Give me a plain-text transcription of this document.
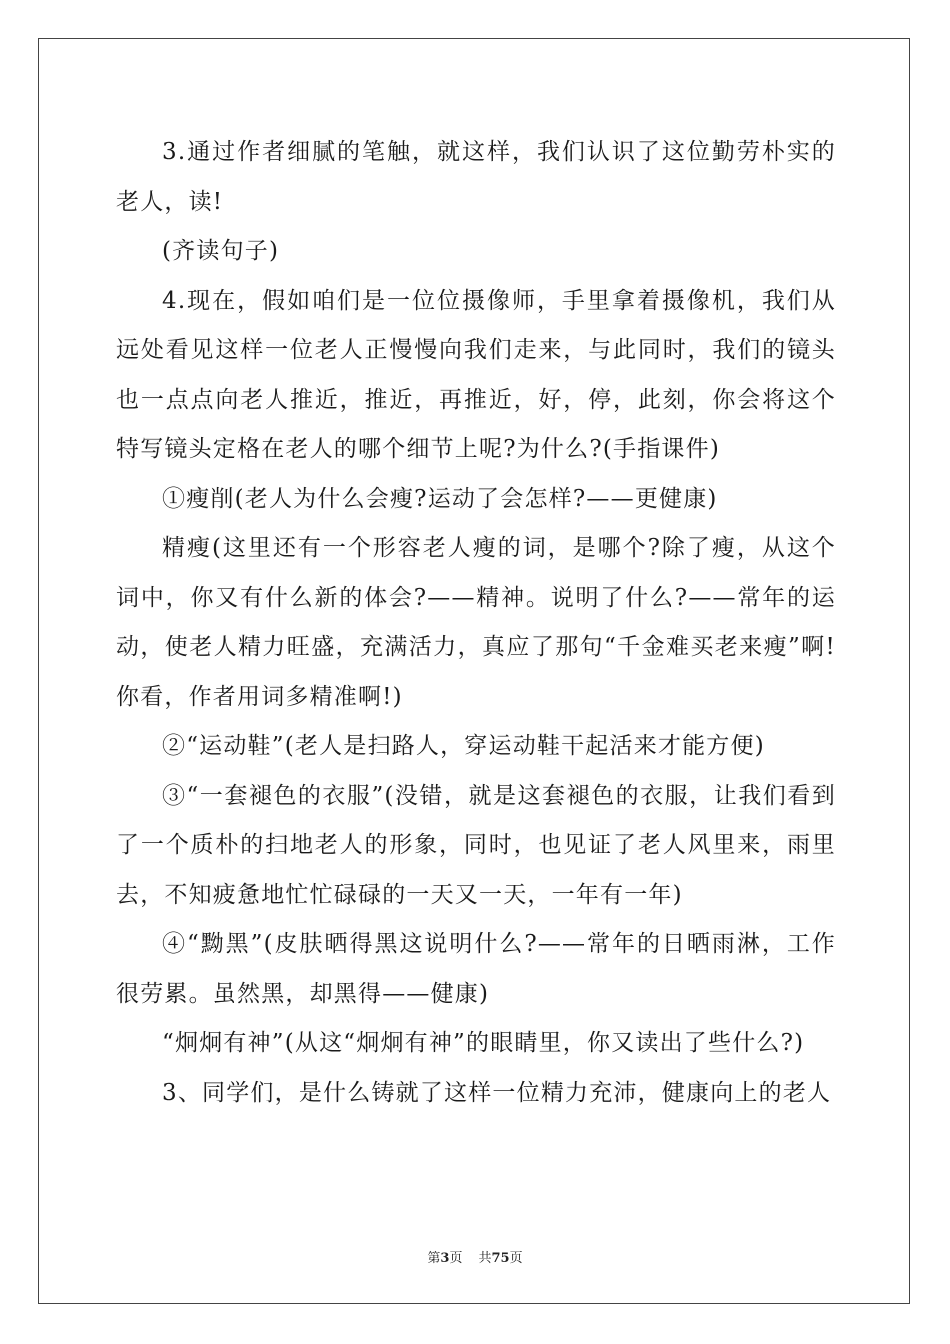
3.通过作者细腻的笔触，就这样，我们认识了这位勤劳朴实的老人，读!

(齐读句子)

4.现在，假如咱们是一位位摄像师，手里拿着摄像机，我们从远处看见这样一位老人正慢慢向我们走来，与此同时，我们的镜头也一点点向老人推近，推近，再推近，好，停，此刻，你会将这个特写镜头定格在老人的哪个细节上呢?为什么?(手指课件)

①瘦削(老人为什么会瘦?运动了会怎样?——更健康)

精瘦(这里还有一个形容老人瘦的词，是哪个?除了瘦，从这个词中，你又有什么新的体会?——精神。说明了什么?——常年的运动，使老人精力旺盛，充满活力，真应了那句“千金难买老来瘦”啊!你看，作者用词多精准啊!)

②“运动鞋”(老人是扫路人，穿运动鞋干起活来才能方便)

③“一套褪色的衣服”(没错，就是这套褪色的衣服，让我们看到了一个质朴的扫地老人的形象，同时，也见证了老人风里来，雨里去，不知疲惫地忙忙碌碌的一天又一天，一年有一年)

④“黝黑”(皮肤晒得黑这说明什么?——常年的日晒雨淋，工作很劳累。虽然黑，却黑得——健康)

“炯炯有神”(从这“炯炯有神”的眼睛里，你又读出了些什么?)

3、同学们，是什么铸就了这样一位精力充沛，健康向上的老人

第3页 共75页
